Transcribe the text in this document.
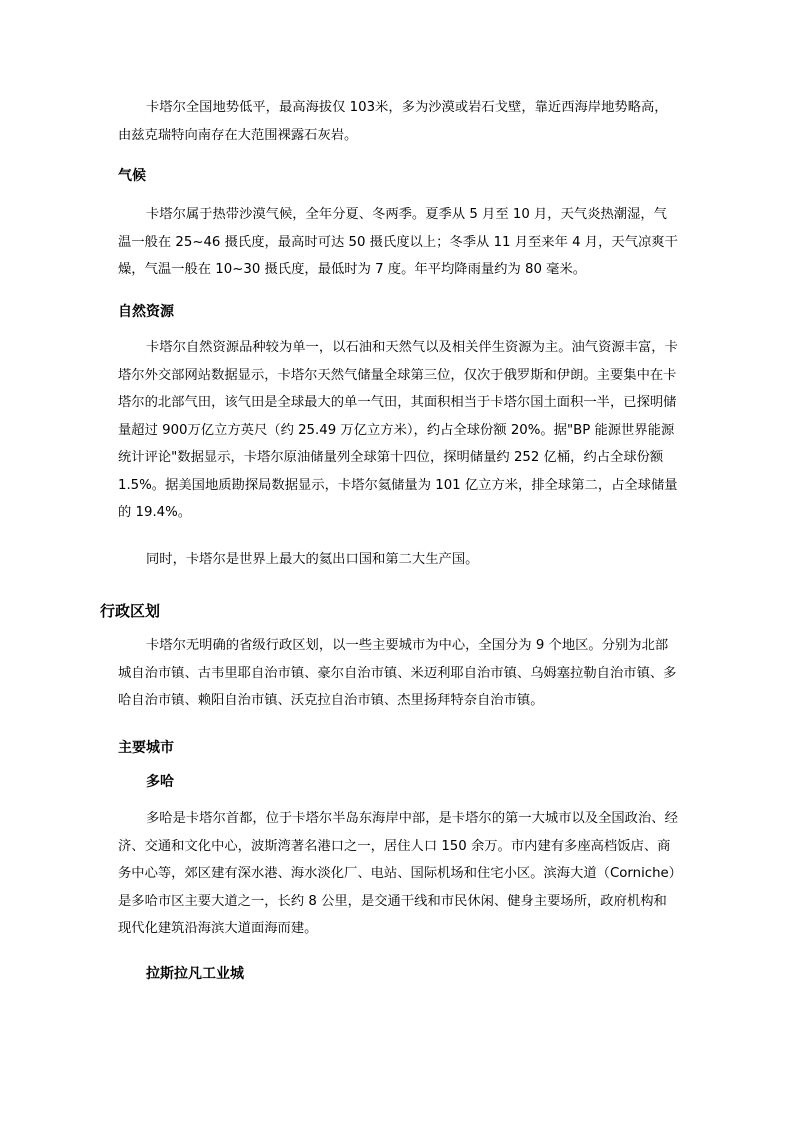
卡塔尔全国地势低平，最高海拔仅 103米，多为沙漠或岩石戈壁，靠近西海岸地势略高，由兹克瑞特向南存在大范围裸露石灰岩。

气候

卡塔尔属于热带沙漠气候，全年分夏、冬两季。夏季从 5 月至 10 月，天气炎热潮湿，气温一般在 25~46 摄氏度，最高时可达 50 摄氏度以上；冬季从 11 月至来年 4 月，天气凉爽干燥，气温一般在 10~30 摄氏度，最低时为 7 度。年平均降雨量约为 80 毫米。

自然资源

卡塔尔自然资源品种较为单一，以石油和天然气以及相关伴生资源为主。油气资源丰富，卡塔尔外交部网站数据显示，卡塔尔天然气储量全球第三位，仅次于俄罗斯和伊朗。主要集中在卡塔尔的北部气田，该气田是全球最大的单一气田，其面积相当于卡塔尔国土面积一半，已探明储量超过 900万亿立方英尺（约 25.49 万亿立方米），约占全球份额 20%。据"BP 能源世界能源统计评论"数据显示，卡塔尔原油储量列全球第十四位，探明储量约 252 亿桶，约占全球份额 1.5%。据美国地质勘探局数据显示，卡塔尔氦储量为 101 亿立方米，排全球第二，占全球储量的 19.4%。

同时，卡塔尔是世界上最大的氦出口国和第二大生产国。

行政区划

卡塔尔无明确的省级行政区划，以一些主要城市为中心，全国分为 9 个地区。分别为北部城自治市镇、古韦里耶自治市镇、豪尔自治市镇、米迈利耶自治市镇、乌姆塞拉勒自治市镇、多哈自治市镇、赖阳自治市镇、沃克拉自治市镇、杰里扬拜特奈自治市镇。

主要城市
多哈

多哈是卡塔尔首都，位于卡塔尔半岛东海岸中部，是卡塔尔的第一大城市以及全国政治、经济、交通和文化中心，波斯湾著名港口之一，居住人口 150 余万。市内建有多座高档饭店、商务中心等，郊区建有深水港、海水淡化厂、电站、国际机场和住宅小区。滨海大道（Corniche）是多哈市区主要大道之一，长约 8 公里，是交通干线和市民休闲、健身主要场所，政府机构和现代化建筑沿海滨大道面海而建。

拉斯拉凡工业城
